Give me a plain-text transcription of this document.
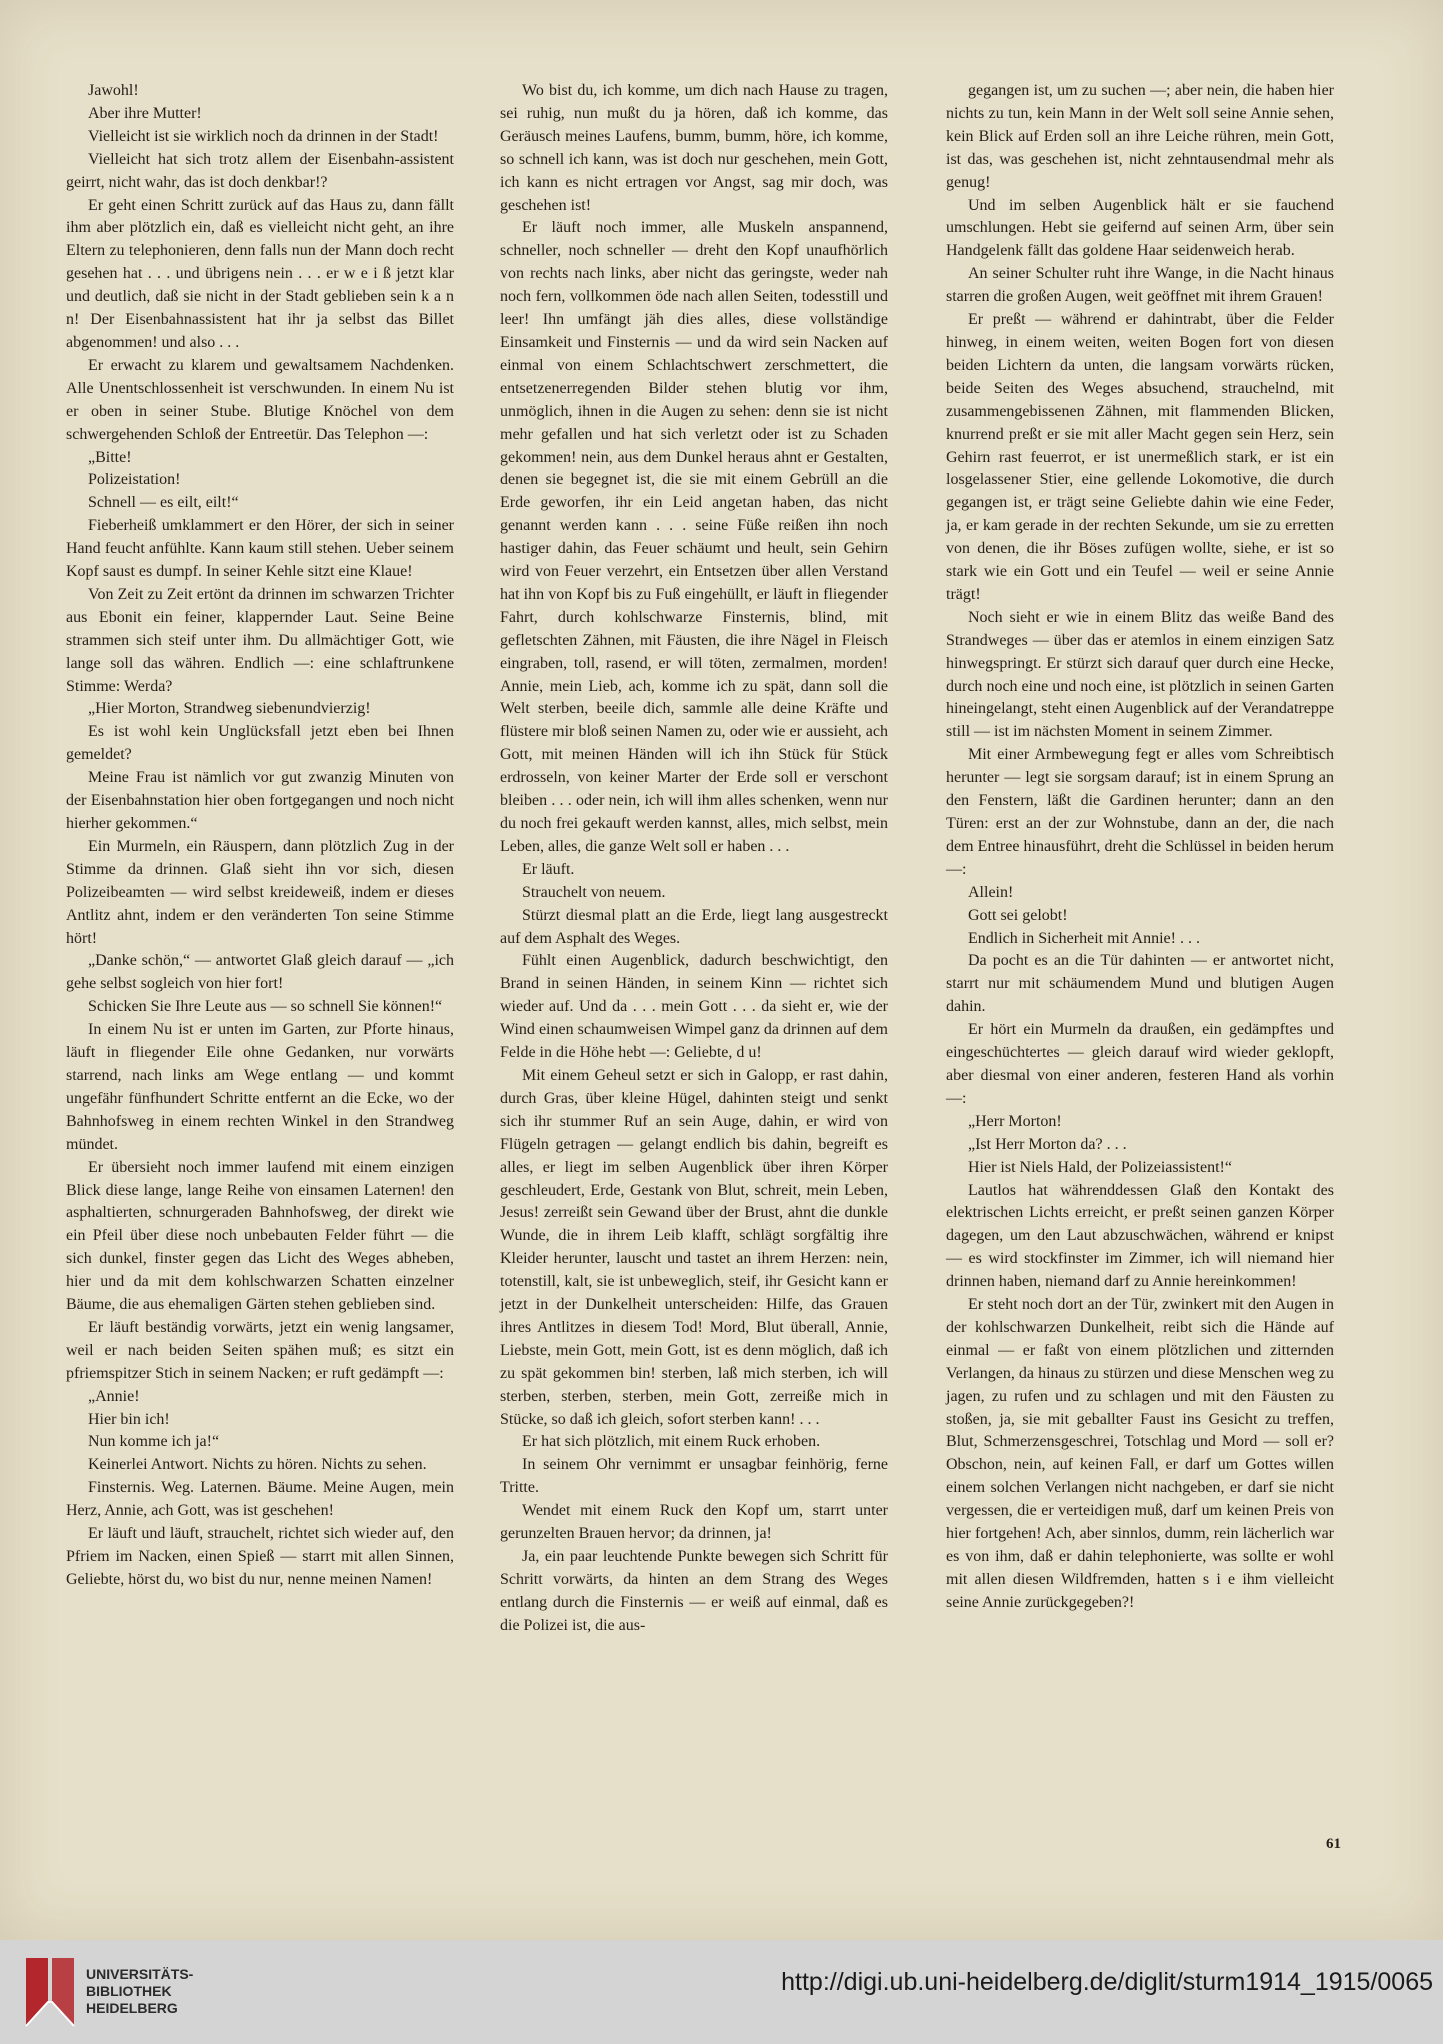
Jawohl!

Aber ihre Mutter!

Vielleicht ist sie wirklich noch da drinnen in der Stadt!

Vielleicht hat sich trotz allem der Eisenbahn-assistent geirrt, nicht wahr, das ist doch denkbar!?

Er geht einen Schritt zurück auf das Haus zu, dann fällt ihm aber plötzlich ein, daß es vielleicht nicht geht, an ihre Eltern zu telephonieren, denn falls nun der Mann doch recht gesehen hat . . . und übrigens nein . . . er w e i ß jetzt klar und deutlich, daß sie nicht in der Stadt geblieben sein k a n n! Der Eisenbahnassistent hat ihr ja selbst das Billet abgenommen! und also . . .

Er erwacht zu klarem und gewaltsamem Nachdenken. Alle Unentschlossenheit ist verschwunden. In einem Nu ist er oben in seiner Stube. Blutige Knöchel von dem schwergehenden Schloß der Entreetür. Das Telephon —:

„Bitte!

Polizeistation!

Schnell — es eilt, eilt!“

Fieberheiß umklammert er den Hörer, der sich in seiner Hand feucht anfühlte. Kann kaum still stehen. Ueber seinem Kopf saust es dumpf. In seiner Kehle sitzt eine Klaue!

Von Zeit zu Zeit ertönt da drinnen im schwarzen Trichter aus Ebonit ein feiner, klappernder Laut. Seine Beine strammen sich steif unter ihm. Du allmächtiger Gott, wie lange soll das währen. Endlich —: eine schlaftrunkene Stimme: Werda?

„Hier Morton, Strandweg siebenundvierzig!

Es ist wohl kein Unglücksfall jetzt eben bei Ihnen gemeldet?

Meine Frau ist nämlich vor gut zwanzig Minuten von der Eisenbahnstation hier oben fortgegangen und noch nicht hierher gekommen.“

Ein Murmeln, ein Räuspern, dann plötzlich Zug in der Stimme da drinnen. Glaß sieht ihn vor sich, diesen Polizeibeamten — wird selbst kreideweiß, indem er dieses Antlitz ahnt, indem er den veränderten Ton seine Stimme hört!

„Danke schön,“ — antwortet Glaß gleich darauf — „ich gehe selbst sogleich von hier fort!

Schicken Sie Ihre Leute aus — so schnell Sie können!“

In einem Nu ist er unten im Garten, zur Pforte hinaus, läuft in fliegender Eile ohne Gedanken, nur vorwärts starrend, nach links am Wege entlang — und kommt ungefähr fünfhundert Schritte entfernt an die Ecke, wo der Bahnhofsweg in einem rechten Winkel in den Strandweg mündet.

Er übersieht noch immer laufend mit einem einzigen Blick diese lange, lange Reihe von einsamen Laternen! den asphaltierten, schnurgeraden Bahnhofsweg, der direkt wie ein Pfeil über diese noch unbebauten Felder führt — die sich dunkel, finster gegen das Licht des Weges abheben, hier und da mit dem kohlschwarzen Schatten einzelner Bäume, die aus ehemaligen Gärten stehen geblieben sind.

Er läuft beständig vorwärts, jetzt ein wenig langsamer, weil er nach beiden Seiten spähen muß; es sitzt ein pfriemspitzer Stich in seinem Nacken; er ruft gedämpft —:

„Annie!

Hier bin ich!

Nun komme ich ja!“

Keinerlei Antwort. Nichts zu hören. Nichts zu sehen.

Finsternis. Weg. Laternen. Bäume. Meine Augen, mein Herz, Annie, ach Gott, was ist geschehen!

Er läuft und läuft, strauchelt, richtet sich wieder auf, den Pfriem im Nacken, einen Spieß — starrt mit allen Sinnen, Geliebte, hörst du, wo bist du nur, nenne meinen Namen!

Wo bist du, ich komme, um dich nach Hause zu tragen, sei ruhig, nun mußt du ja hören, daß ich komme, das Geräusch meines Laufens, bumm, bumm, höre, ich komme, so schnell ich kann, was ist doch nur geschehen, mein Gott, ich kann es nicht ertragen vor Angst, sag mir doch, was geschehen ist!

Er läuft noch immer, alle Muskeln anspannend, schneller, noch schneller — dreht den Kopf unaufhörlich von rechts nach links, aber nicht das geringste, weder nah noch fern, vollkommen öde nach allen Seiten, todesstill und leer! Ihn umfängt jäh dies alles, diese vollständige Einsamkeit und Finsternis — und da wird sein Nacken auf einmal von einem Schlachtschwert zerschmettert, die entsetzenerregenden Bilder stehen blutig vor ihm, unmöglich, ihnen in die Augen zu sehen: denn sie ist nicht mehr gefallen und hat sich verletzt oder ist zu Schaden gekommen! nein, aus dem Dunkel heraus ahnt er Gestalten, denen sie begegnet ist, die sie mit einem Gebrüll an die Erde geworfen, ihr ein Leid angetan haben, das nicht genannt werden kann . . . seine Füße reißen ihn noch hastiger dahin, das Feuer schäumt und heult, sein Gehirn wird von Feuer verzehrt, ein Entsetzen über allen Verstand hat ihn von Kopf bis zu Fuß eingehüllt, er läuft in fliegender Fahrt, durch kohlschwarze Finsternis, blind, mit gefletschten Zähnen, mit Fäusten, die ihre Nägel in Fleisch eingraben, toll, rasend, er will töten, zermalmen, morden! Annie, mein Lieb, ach, komme ich zu spät, dann soll die Welt sterben, beeile dich, sammle alle deine Kräfte und flüstere mir bloß seinen Namen zu, oder wie er aussieht, ach Gott, mit meinen Händen will ich ihn Stück für Stück erdrosseln, von keiner Marter der Erde soll er verschont bleiben . . . oder nein, ich will ihm alles schenken, wenn nur du noch frei gekauft werden kannst, alles, mich selbst, mein Leben, alles, die ganze Welt soll er haben . . .

Er läuft.

Strauchelt von neuem.

Stürzt diesmal platt an die Erde, liegt lang ausgestreckt auf dem Asphalt des Weges.

Fühlt einen Augenblick, dadurch beschwichtigt, den Brand in seinen Händen, in seinem Kinn — richtet sich wieder auf. Und da . . . mein Gott . . . da sieht er, wie der Wind einen schaumweisen Wimpel ganz da drinnen auf dem Felde in die Höhe hebt —: Geliebte, d u!

Mit einem Geheul setzt er sich in Galopp, er rast dahin, durch Gras, über kleine Hügel, dahinten steigt und senkt sich ihr stummer Ruf an sein Auge, dahin, er wird von Flügeln getragen — gelangt endlich bis dahin, begreift es alles, er liegt im selben Augenblick über ihren Körper geschleudert, Erde, Gestank von Blut, schreit, mein Leben, Jesus! zerreißt sein Gewand über der Brust, ahnt die dunkle Wunde, die in ihrem Leib klafft, schlägt sorgfältig ihre Kleider herunter, lauscht und tastet an ihrem Herzen: nein, totenstill, kalt, sie ist unbeweglich, steif, ihr Gesicht kann er jetzt in der Dunkelheit unterscheiden: Hilfe, das Grauen ihres Antlitzes in diesem Tod! Mord, Blut überall, Annie, Liebste, mein Gott, mein Gott, ist es denn möglich, daß ich zu spät gekommen bin! sterben, laß mich sterben, ich will sterben, sterben, sterben, mein Gott, zerreiße mich in Stücke, so daß ich gleich, sofort sterben kann! . . .

Er hat sich plötzlich, mit einem Ruck erhoben.

In seinem Ohr vernimmt er unsagbar feinhörig, ferne Tritte.

Wendet mit einem Ruck den Kopf um, starrt unter gerunzelten Brauen hervor; da drinnen, ja!

Ja, ein paar leuchtende Punkte bewegen sich Schritt für Schritt vorwärts, da hinten an dem Strang des Weges entlang durch die Finsternis — er weiß auf einmal, daß es die Polizei ist, die aus-

gegangen ist, um zu suchen —; aber nein, die haben hier nichts zu tun, kein Mann in der Welt soll seine Annie sehen, kein Blick auf Erden soll an ihre Leiche rühren, mein Gott, ist das, was geschehen ist, nicht zehntausendmal mehr als genug!

Und im selben Augenblick hält er sie fauchend umschlungen. Hebt sie geifernd auf seinen Arm, über sein Handgelenk fällt das goldene Haar seidenweich herab.

An seiner Schulter ruht ihre Wange, in die Nacht hinaus starren die großen Augen, weit geöffnet mit ihrem Grauen!

Er preßt — während er dahintrabt, über die Felder hinweg, in einem weiten, weiten Bogen fort von diesen beiden Lichtern da unten, die langsam vorwärts rücken, beide Seiten des Weges absuchend, strauchelnd, mit zusammengebissenen Zähnen, mit flammenden Blicken, knurrend preßt er sie mit aller Macht gegen sein Herz, sein Gehirn rast feuerrot, er ist unermeßlich stark, er ist ein losgelassener Stier, eine gellende Lokomotive, die durch gegangen ist, er trägt seine Geliebte dahin wie eine Feder, ja, er kam gerade in der rechten Sekunde, um sie zu erretten von denen, die ihr Böses zufügen wollte, siehe, er ist so stark wie ein Gott und ein Teufel — weil er seine Annie trägt!

Noch sieht er wie in einem Blitz das weiße Band des Strandweges — über das er atemlos in einem einzigen Satz hinwegspringt. Er stürzt sich darauf quer durch eine Hecke, durch noch eine und noch eine, ist plötzlich in seinen Garten hineingelangt, steht einen Augenblick auf der Verandatreppe still — ist im nächsten Moment in seinem Zimmer.

Mit einer Armbewegung fegt er alles vom Schreibtisch herunter — legt sie sorgsam darauf; ist in einem Sprung an den Fenstern, läßt die Gardinen herunter; dann an den Türen: erst an der zur Wohnstube, dann an der, die nach dem Entree hinausführt, dreht die Schlüssel in beiden herum —:

Allein!

Gott sei gelobt!

Endlich in Sicherheit mit Annie! . . .

Da pocht es an die Tür dahinten — er antwortet nicht, starrt nur mit schäumendem Mund und blutigen Augen dahin.

Er hört ein Murmeln da draußen, ein gedämpftes und eingeschüchtertes — gleich darauf wird wieder geklopft, aber diesmal von einer anderen, festeren Hand als vorhin —:

„Herr Morton!

„Ist Herr Morton da? . . .

Hier ist Niels Hald, der Polizeiassistent!“

Lautlos hat währenddessen Glaß den Kontakt des elektrischen Lichts erreicht, er preßt seinen ganzen Körper dagegen, um den Laut abzuschwächen, während er knipst — es wird stockfinster im Zimmer, ich will niemand hier drinnen haben, niemand darf zu Annie hereinkommen!

Er steht noch dort an der Tür, zwinkert mit den Augen in der kohlschwarzen Dunkelheit, reibt sich die Hände auf einmal — er faßt von einem plötzlichen und zitternden Verlangen, da hinaus zu stürzen und diese Menschen weg zu jagen, zu rufen und zu schlagen und mit den Fäusten zu stoßen, ja, sie mit geballter Faust ins Gesicht zu treffen, Blut, Schmerzensgeschrei, Totschlag und Mord — soll er? Obschon, nein, auf keinen Fall, er darf um Gottes willen einem solchen Verlangen nicht nachgeben, er darf sie nicht vergessen, die er verteidigen muß, darf um keinen Preis von hier fortgehen! Ach, aber sinnlos, dumm, rein lächerlich war es von ihm, daß er dahin telephonierte, was sollte er wohl mit allen diesen Wildfremden, hatten s i e ihm vielleicht seine Annie zurückgegeben?!

61
UNIVERSITÄTS-
BIBLIOTHEK
HEIDELBERG
http://digi.ub.uni-heidelberg.de/diglit/sturm1914_1915/0065
